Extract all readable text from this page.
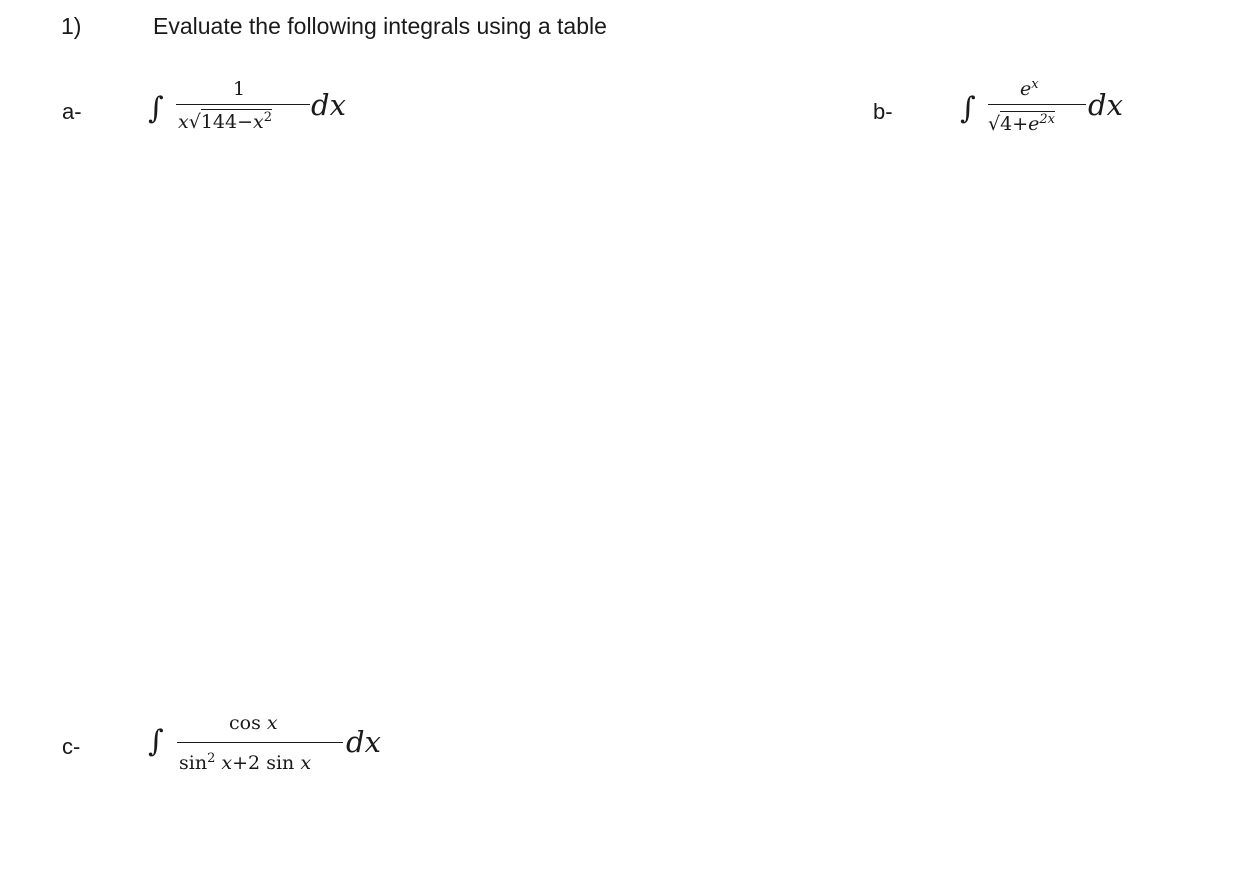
1)	Evaluate the following integrals using a table
a- ∫
1
$x√144-x^2$ dx	b- ∫
$e^x$
$√4+e^{2x}$ dx
c- ∫
cos x
$\sin^2 x+2$ sin x
dx
